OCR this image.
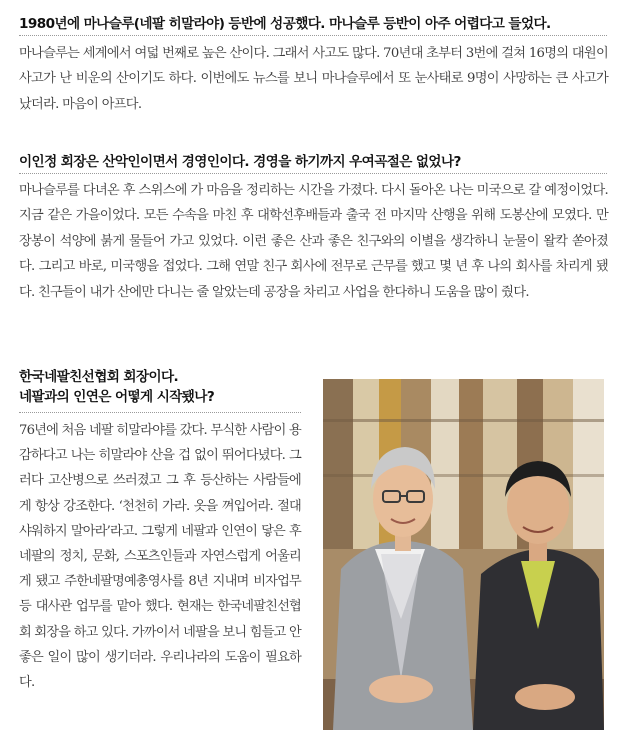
1980년에 마나슬루(네팔 히말라야) 등반에 성공했다. 마나슬루 등반이 아주 어렵다고 들었다.

마나슬루는 세계에서 여덟 번째로 높은 산이다. 그래서 사고도 많다. 70년대 초부터 3번에 걸쳐 16명의 대원이 사고가 난 비운의 산이기도 하다. 이번에도 뉴스를 보니 마나슬루에서 또 눈사태로 9명이 사망하는 큰 사고가 났더라. 마음이 아프다.

이인정 회장은 산악인이면서 경영인이다. 경영을 하기까지 우여곡절은 없었나?

마나슬루를 다녀온 후 스위스에 가 마음을 정리하는 시간을 가졌다. 다시 돌아온 나는 미국으로 갈 예정이었다. 지금 같은 가을이었다. 모든 수속을 마친 후 대학선후배들과 출국 전 마지막 산행을 위해 도봉산에 모였다. 만장봉이 석양에 붉게 물들어 가고 있었다. 이런 좋은 산과 좋은 친구와의 이별을 생각하니 눈물이 왈칵 쏟아졌다. 그리고 바로, 미국행을 접었다. 그해 연말 친구 회사에 전무로 근무를 했고 몇 년 후 나의 회사를 차리게 됐다. 친구들이 내가 산에만 다니는 줄 알았는데 공장을 차리고 사업을 한다하니 도움을 많이 줬다.

한국네팔친선협회 회장이다.
네팔과의 인연은 어떻게 시작됐나?

76년에 처음 네팔 히말라야를 갔다. 무식한 사람이 용감하다고 나는 히말라야 산을 겁 없이 뛰어다녔다. 그러다 고산병으로 쓰러졌고 그 후 등산하는 사람들에게 항상 강조한다. ‘천천히 가라. 옷을 껴입어라. 절대 샤워하지 말아라’라고. 그렇게 네팔과 인연이 닿은 후 네팔의 정치, 문화, 스포츠인들과 자연스럽게 어울리게 됐고 주한네팔명예총영사를 8년 지내며 비자업무 등 대사관 업무를 맡아 했다. 현재는 한국네팔친선협회 회장을 하고 있다. 가까이서 네팔을 보니 힘들고 안 좋은 일이 많이 생기더라. 우리나라의 도움이 필요하다.
